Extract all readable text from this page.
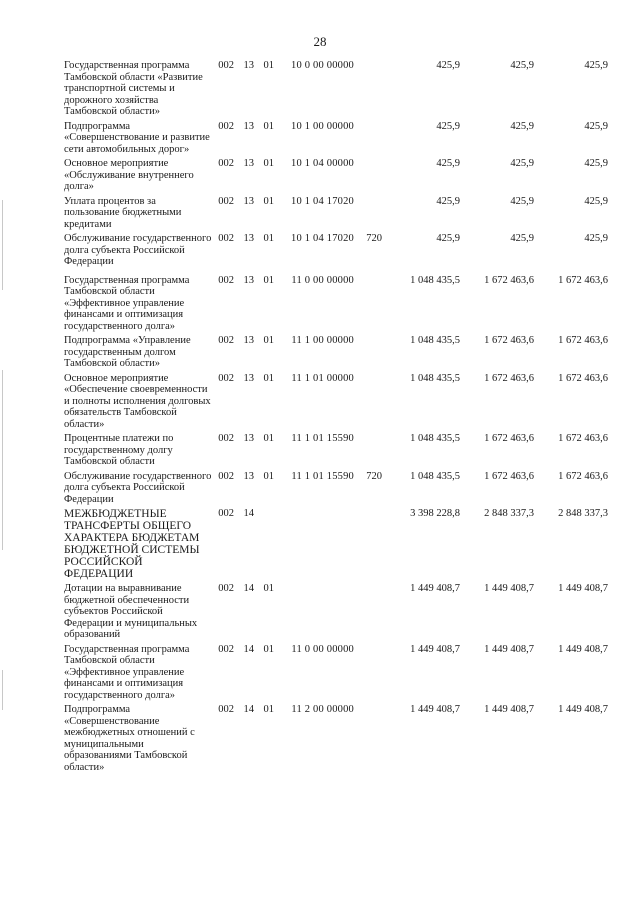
28
Государственная программа Тамбовской области «Развитие транспортной системы и дорожного хозяйства Тамбовской области»	002	13	01	10 0 00 00000		425,9	425,9	425,9
Подпрограмма «Совершенствование и развитие сети автомобильных дорог»	002	13	01	10 1 00 00000		425,9	425,9	425,9
Основное мероприятие «Обслуживание внутреннего долга»	002	13	01	10 1 04 00000		425,9	425,9	425,9
Уплата процентов за пользование бюджетными кредитами	002	13	01	10 1 04 17020		425,9	425,9	425,9
Обслуживание государственного долга субъекта Российской Федерации	002	13	01	10 1 04 17020	720	425,9	425,9	425,9
Государственная программа Тамбовской области «Эффективное управление финансами и оптимизация государственного долга»	002	13	01	11 0 00 00000		1 048 435,5	1 672 463,6	1 672 463,6
Подпрограмма «Управление государственным долгом Тамбовской области»	002	13	01	11 1 00 00000		1 048 435,5	1 672 463,6	1 672 463,6
Основное мероприятие «Обеспечение своевременности и полноты исполнения долговых обязательств Тамбовской области»	002	13	01	11 1 01 00000		1 048 435,5	1 672 463,6	1 672 463,6
Процентные платежи по государственному долгу Тамбовской области	002	13	01	11 1 01 15590		1 048 435,5	1 672 463,6	1 672 463,6
Обслуживание государственного долга субъекта Российской Федерации	002	13	01	11 1 01 15590	720	1 048 435,5	1 672 463,6	1 672 463,6
МЕЖБЮДЖЕТНЫЕ ТРАНСФЕРТЫ ОБЩЕГО ХАРАКТЕРА БЮДЖЕТАМ БЮДЖЕТНОЙ СИСТЕМЫ РОССИЙСКОЙ ФЕДЕРАЦИИ	002	14				3 398 228,8	2 848 337,3	2 848 337,3
Дотации на выравнивание бюджетной обеспеченности субъектов Российской Федерации и муниципальных образований	002	14	01			1 449 408,7	1 449 408,7	1 449 408,7
Государственная программа Тамбовской области «Эффективное управление финансами и оптимизация государственного долга»	002	14	01	11 0 00 00000		1 449 408,7	1 449 408,7	1 449 408,7
Подпрограмма «Совершенствование межбюджетных отношений с муниципальными образованиями Тамбовской области»	002	14	01	11 2 00 00000		1 449 408,7	1 449 408,7	1 449 408,7
